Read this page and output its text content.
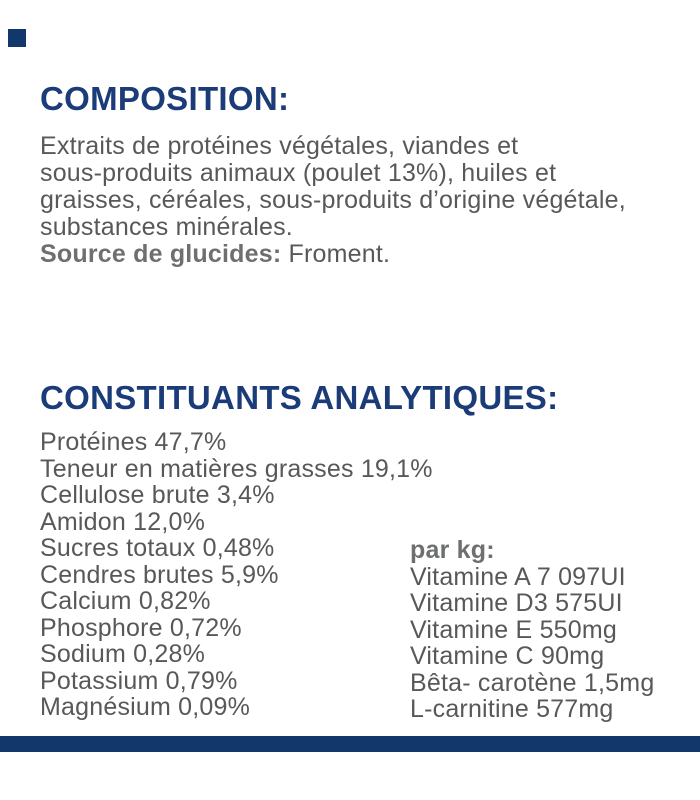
COMPOSITION:
Extraits de protéines végétales, viandes et
sous-produits animaux (poulet 13%), huiles et
graisses, céréales, sous-produits d’origine végétale,
substances minérales.
Source de glucides: Froment.
CONSTITUANTS ANALYTIQUES:
Protéines 47,7%
Teneur en matières grasses 19,1%
Cellulose brute 3,4%
Amidon 12,0%
Sucres totaux 0,48%
Cendres brutes 5,9%
Calcium 0,82%
Phosphore 0,72%
Sodium 0,28%
Potassium 0,79%
Magnésium 0,09%
par kg:
Vitamine A 7 097UI
Vitamine D3 575UI
Vitamine E 550mg
Vitamine C 90mg
Bêta- carotène 1,5mg
L-carnitine 577mg
